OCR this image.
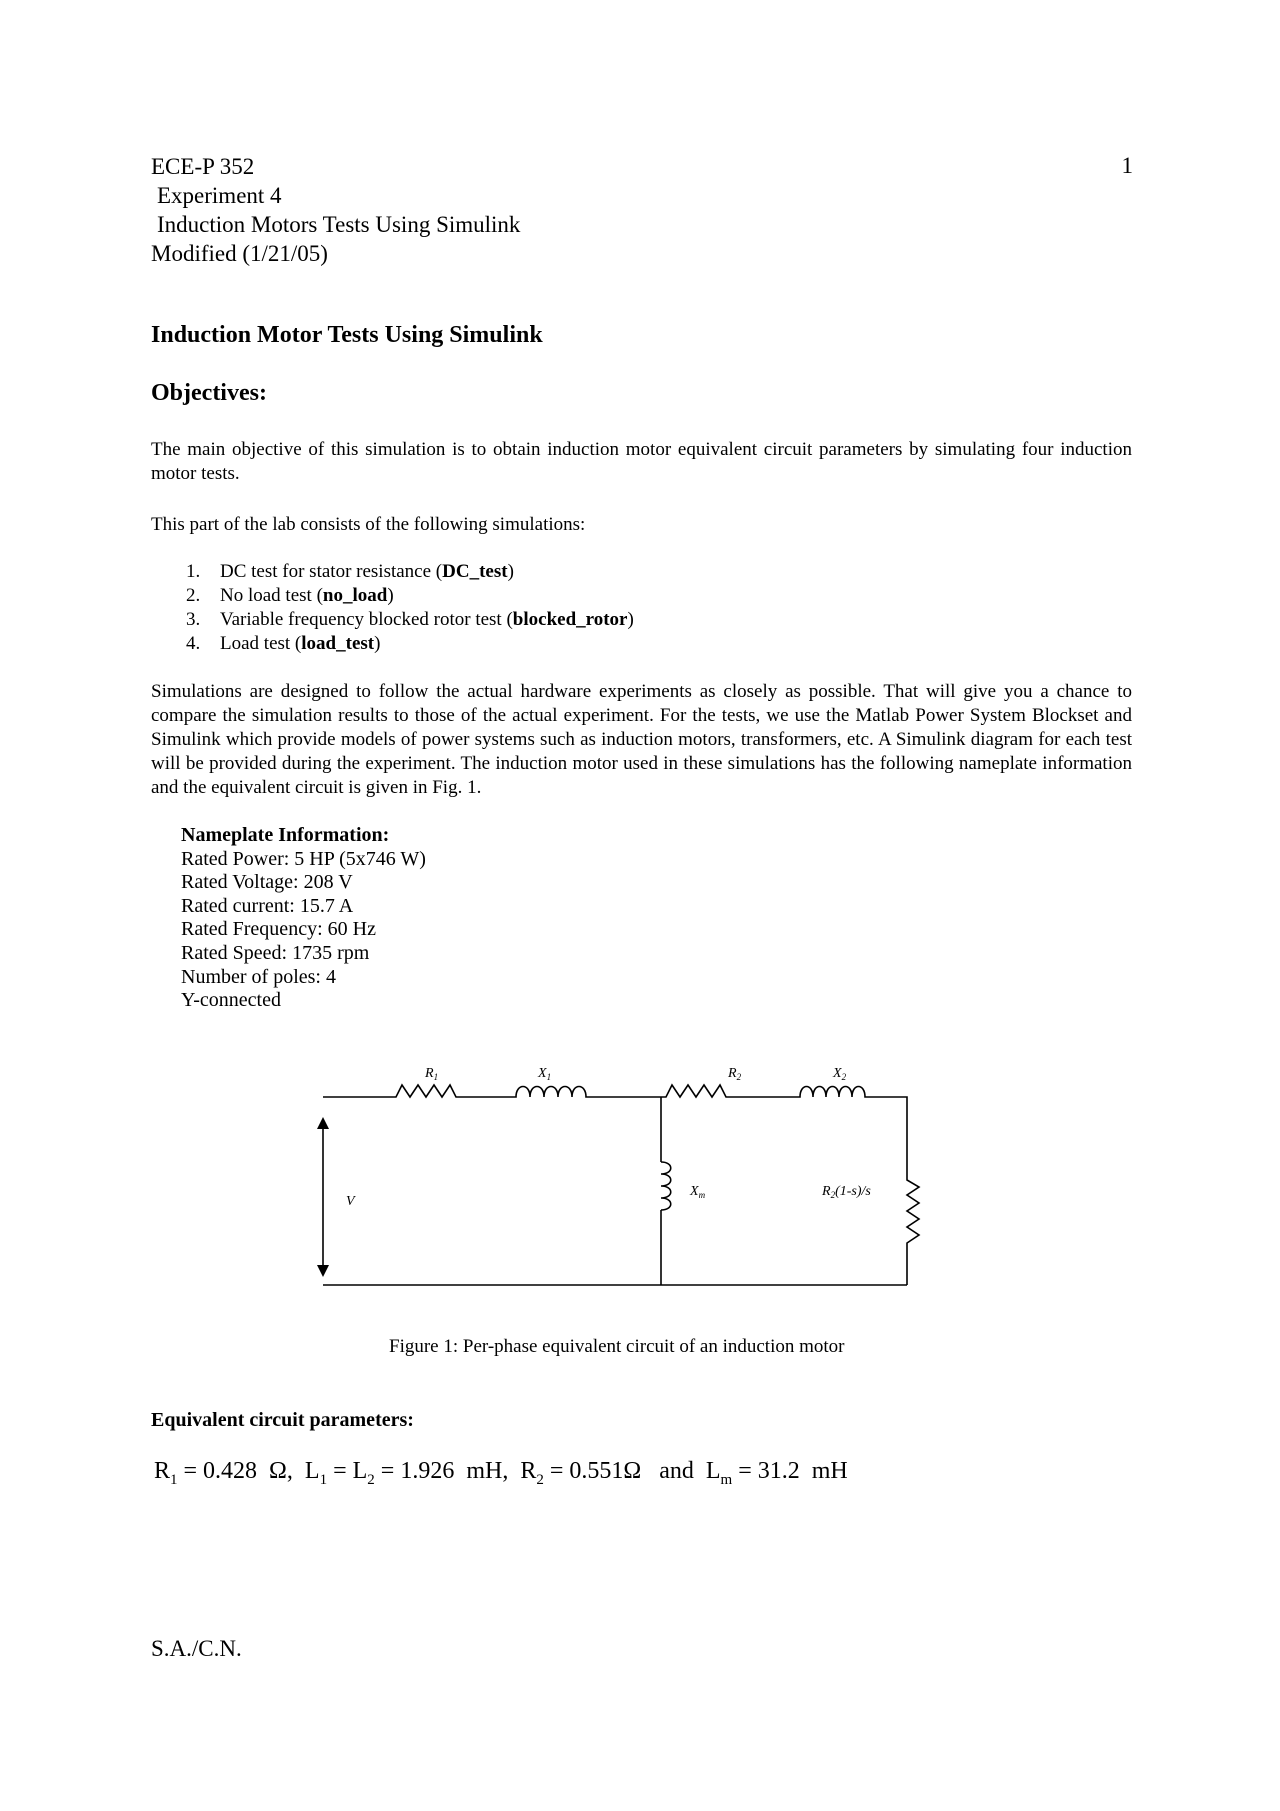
ECE-P 352
Experiment 4
Induction Motors Tests Using Simulink
Modified (1/21/05)
1
Induction Motor Tests Using Simulink
Objectives:
The main objective of this simulation is to obtain induction motor equivalent circuit parameters by simulating four induction motor tests.
This part of the lab consists of the following simulations:
1.	DC test for stator resistance (DC_test)
2.	No load test (no_load)
3.	Variable frequency blocked rotor test (blocked_rotor)
4.	Load test (load_test)
Simulations are designed to follow the actual hardware experiments as closely as possible. That will give you a chance to compare the simulation results to those of the actual experiment. For the tests, we use the Matlab Power System Blockset and Simulink which provide models of power systems such as induction motors, transformers, etc. A Simulink diagram for each test will be provided during the experiment. The induction motor used in these simulations has the following nameplate information and the equivalent circuit is given in Fig. 1.
Nameplate Information:
Rated Power: 5 HP (5x746 W)
Rated Voltage: 208 V
Rated current: 15.7 A
Rated Frequency: 60 Hz
Rated Speed: 1735 rpm
Number of poles: 4
Y-connected
$R_1$	$X_1$	$R_2$	$X_2$
$X_m$	$R_2(1-s)/s$
V
Figure 1: Per-phase equivalent circuit of an induction motor
Equivalent circuit parameters:
$R_1 = 0.428$  Ω,  $L_1 = L_2 = 1.926$  mH,  $R_2 = 0.551\Omega$   and  $L_m = 31.2$  mH
S.A./C.N.
